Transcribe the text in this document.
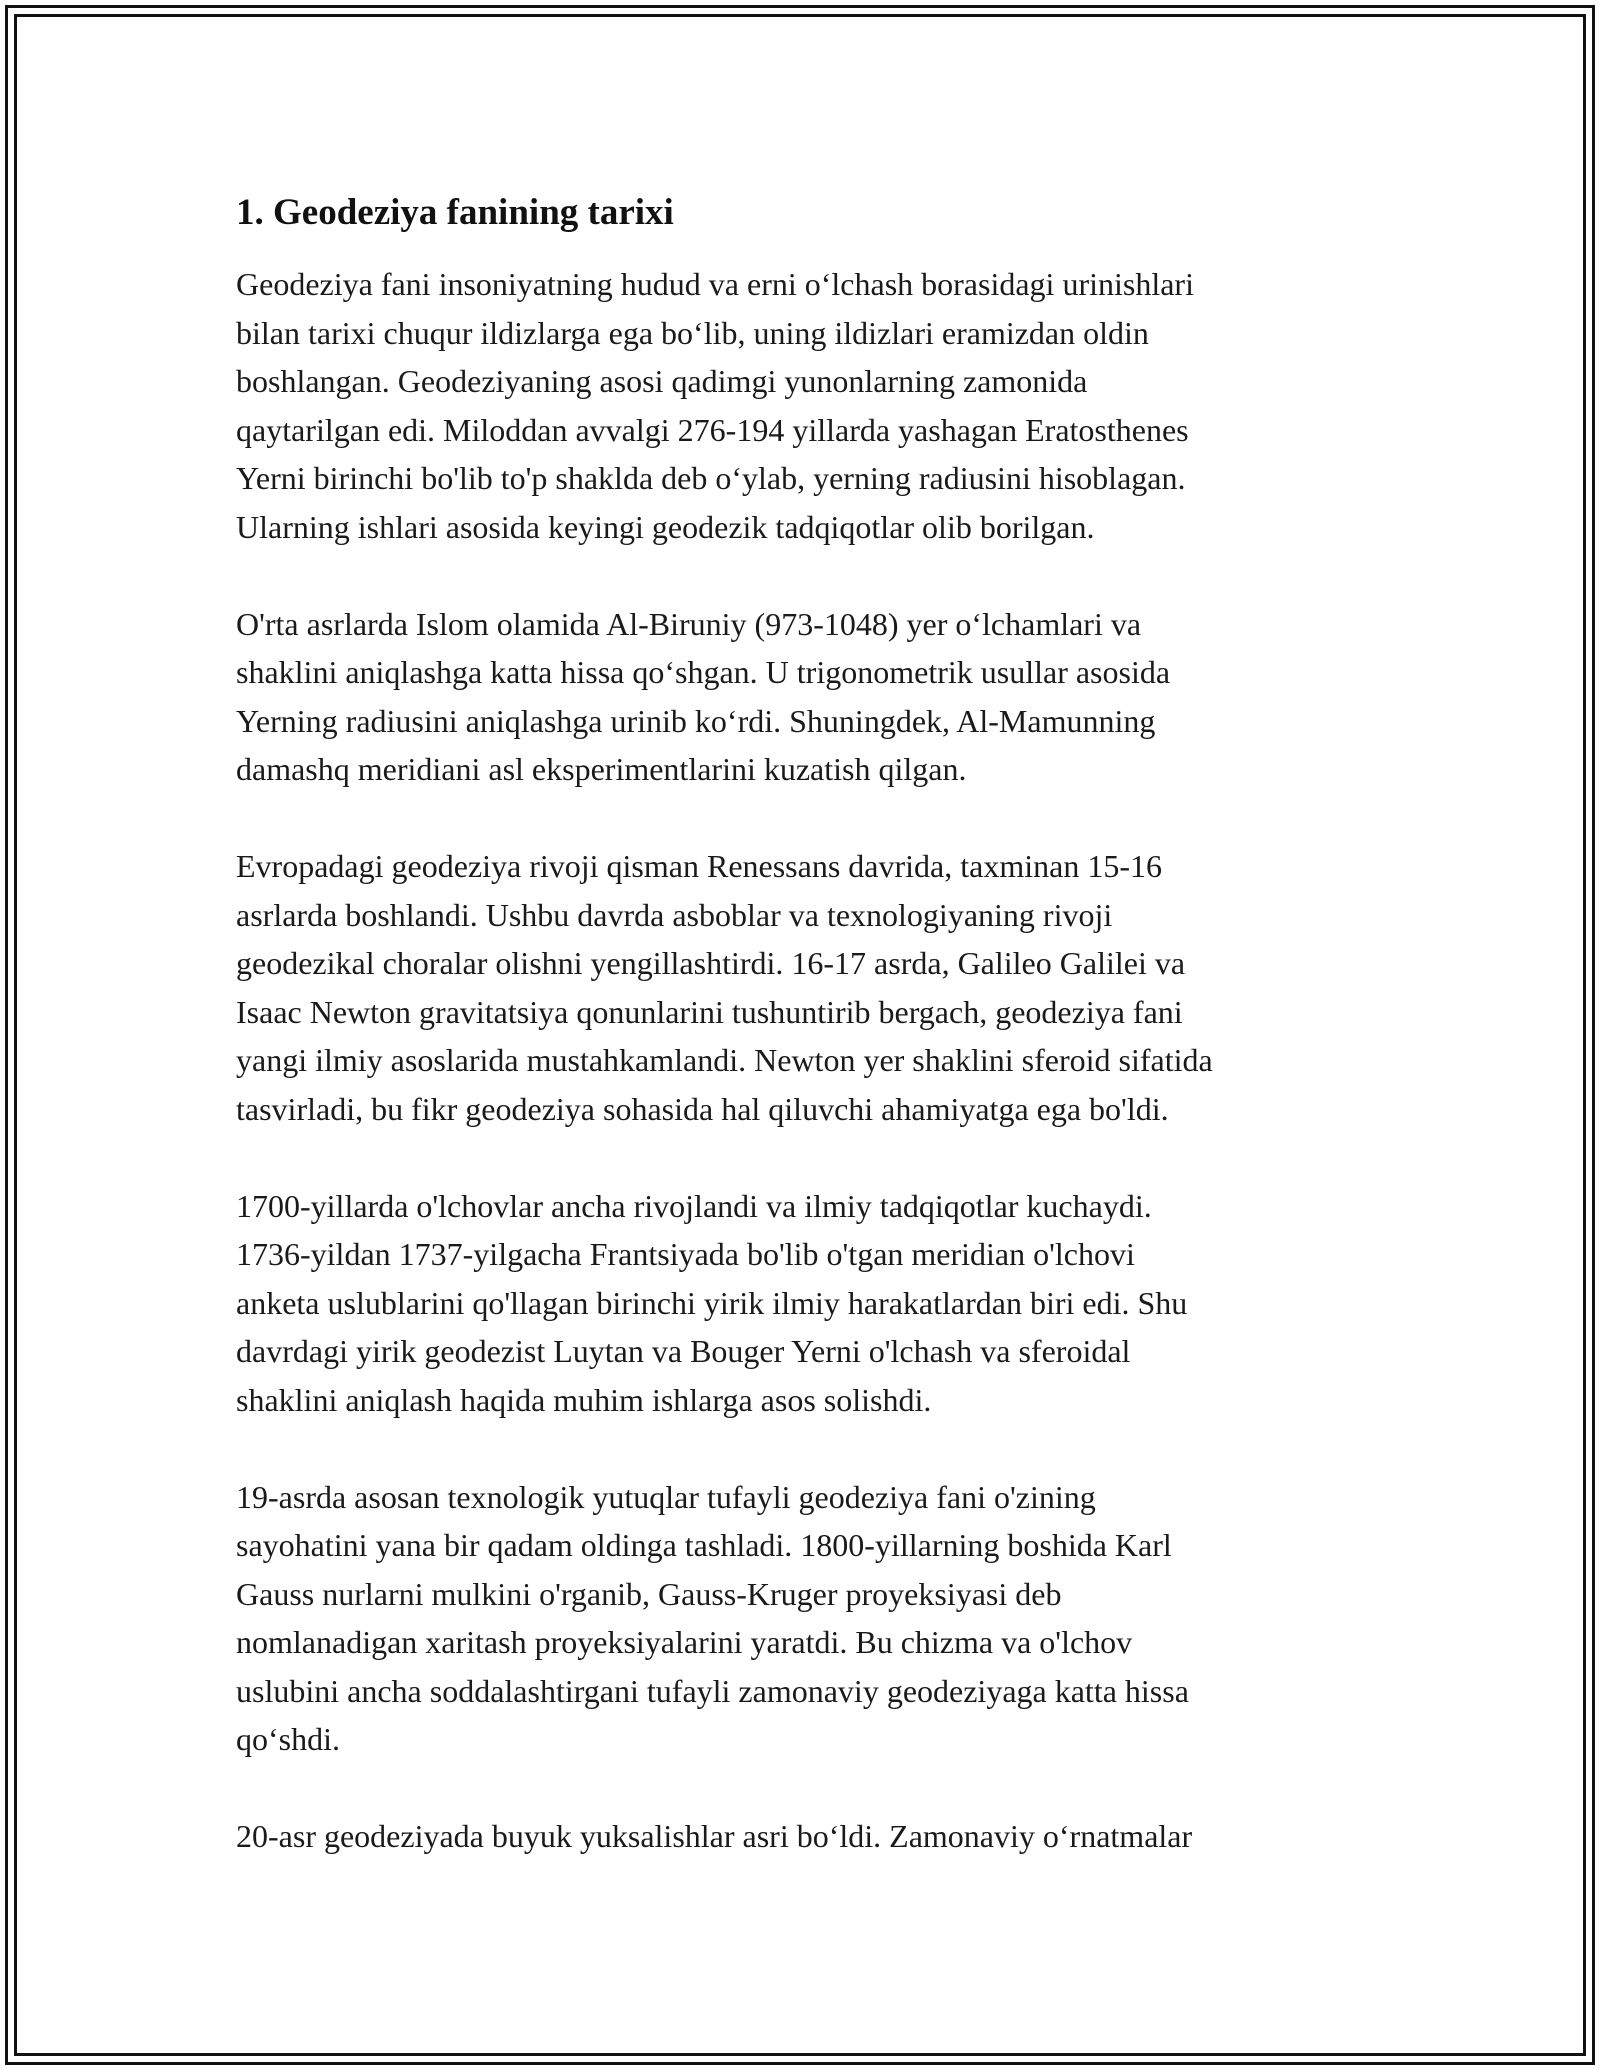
1. Geodeziya fanining tarixi

Geodeziya fani insoniyatning hudud va erni o‘lchash borasidagi urinishlari
bilan tarixi chuqur ildizlarga ega bo‘lib, uning ildizlari eramizdan oldin
boshlangan. Geodeziyaning asosi qadimgi yunonlarning zamonida
qaytarilgan edi. Miloddan avvalgi 276-194 yillarda yashagan Eratosthenes
Yerni birinchi bo'lib to'p shaklda deb o‘ylab, yerning radiusini hisoblagan.
Ularning ishlari asosida keyingi geodezik tadqiqotlar olib borilgan.

O'rta asrlarda Islom olamida Al-Biruniy (973-1048) yer o‘lchamlari va
shaklini aniqlashga katta hissa qo‘shgan. U trigonometrik usullar asosida
Yerning radiusini aniqlashga urinib ko‘rdi. Shuningdek, Al-Mamunning
damashq meridiani asl eksperimentlarini kuzatish qilgan.

Evropadagi geodeziya rivoji qisman Renessans davrida, taxminan 15-16
asrlarda boshlandi. Ushbu davrda asboblar va texnologiyaning rivoji
geodezikal choralar olishni yengillashtirdi. 16-17 asrda, Galileo Galilei va
Isaac Newton gravitatsiya qonunlarini tushuntirib bergach, geodeziya fani
yangi ilmiy asoslarida mustahkamlandi. Newton yer shaklini sferoid sifatida
tasvirladi, bu fikr geodeziya sohasida hal qiluvchi ahamiyatga ega bo'ldi.

1700-yillarda o'lchovlar ancha rivojlandi va ilmiy tadqiqotlar kuchaydi.
1736-yildan 1737-yilgacha Frantsiyada bo'lib o'tgan meridian o'lchovi
anketa uslublarini qo'llagan birinchi yirik ilmiy harakatlardan biri edi. Shu
davrdagi yirik geodezist Luytan va Bouger Yerni o'lchash va sferoidal
shaklini aniqlash haqida muhim ishlarga asos solishdi.

19-asrda asosan texnologik yutuqlar tufayli geodeziya fani o'zining
sayohatini yana bir qadam oldinga tashladi. 1800-yillarning boshida Karl
Gauss nurlarni mulkini o'rganib, Gauss-Kruger proyeksiyasi deb
nomlanadigan xaritash proyeksiyalarini yaratdi. Bu chizma va o'lchov
uslubini ancha soddalashtirgani tufayli zamonaviy geodeziyaga katta hissa
qo‘shdi.

20-asr geodeziyada buyuk yuksalishlar asri bo‘ldi. Zamonaviy o‘rnatmalar
